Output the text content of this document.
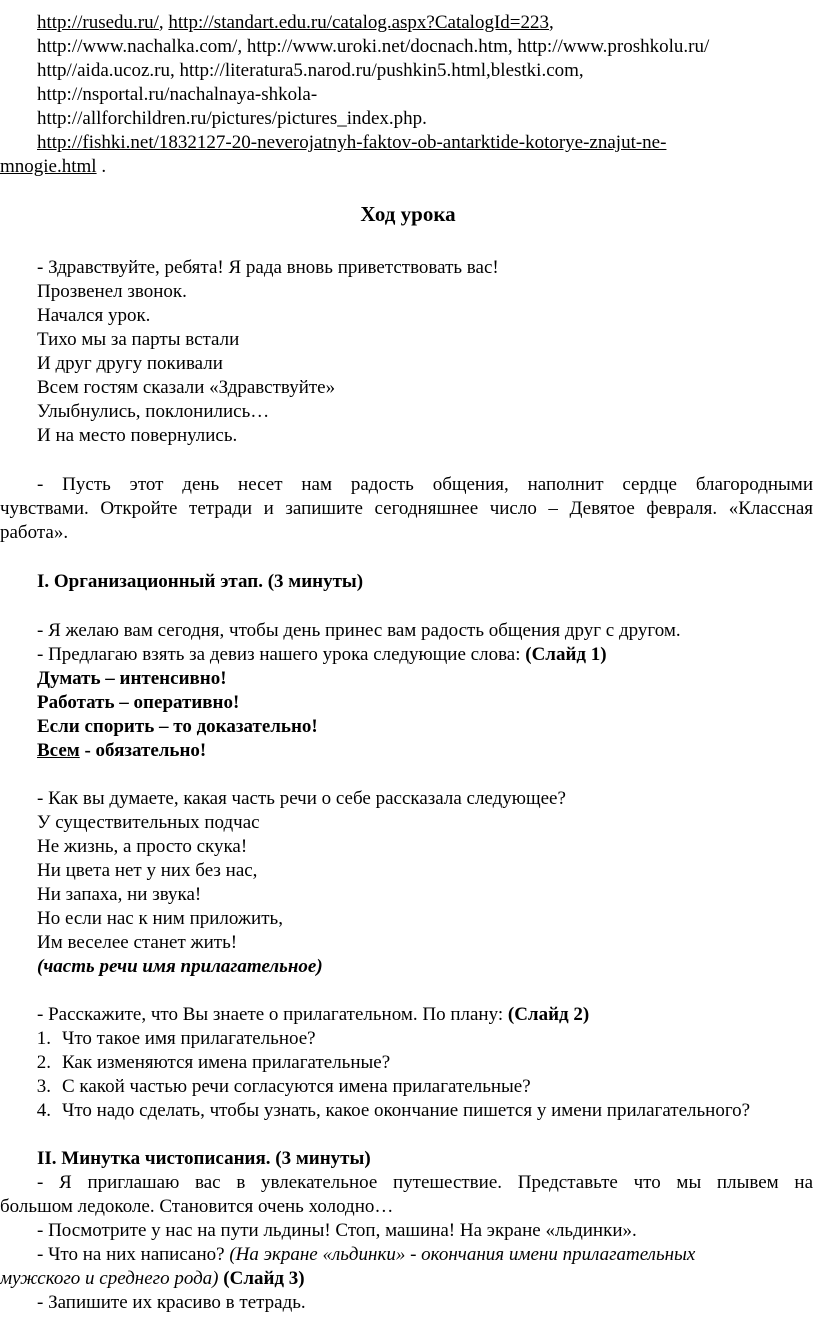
http://rusedu.ru/, http://standart.edu.ru/catalog.aspx?CatalogId=223,
http://www.nachalka.com/, http://www.uroki.net/docnach.htm, http://www.proshkolu.ru/
http//aida.ucoz.ru, http://literatura5.narod.ru/pushkin5.html,blestki.com,
http://nsportal.ru/nachalnaya-shkola-
http://allforchildren.ru/pictures/pictures_index.php.
http://fishki.net/1832127-20-neverojatnyh-faktov-ob-antarktide-kotorye-znajut-ne-
mnogie.html .
Ход урока
- Здравствуйте, ребята! Я рада вновь приветствовать вас!
Прозвенел звонок.
Начался урок.
Тихо мы за парты встали
И друг другу покивали
Всем гостям сказали «Здравствуйте»
Улыбнулись, поклонились…
И на место повернулись.
- Пусть этот день несет нам радость общения, наполнит сердце благородными
чувствами. Откройте тетради и запишите сегодняшнее число – Девятое февраля. «Классная
работа».
I. Организационный этап. (3 минуты)
- Я желаю вам сегодня, чтобы день принес вам радость общения друг с другом.
- Предлагаю взять за девиз нашего урока следующие слова: (Слайд 1)
Думать – интенсивно!
Работать – оперативно!
Если спорить – то доказательно!
Всем - обязательно!
- Как вы думаете, какая часть речи о себе рассказала следующее?
У существительных подчас
Не жизнь, а просто скука!
Ни цвета нет у них без нас,
Ни запаха, ни звука!
Но если нас к ним приложить,
Им веселее станет жить!
(часть речи имя прилагательное)
- Расскажите, что Вы знаете о прилагательном. По плану: (Слайд 2)
1. Что такое имя прилагательное?
2. Как изменяются имена прилагательные?
3. С какой частью речи согласуются имена прилагательные?
4. Что надо сделать, чтобы узнать, какое окончание пишется у имени прилагательного?
II. Минутка чистописания. (3 минуты)
- Я приглашаю вас в увлекательное путешествие. Представьте что мы плывем на
большом ледоколе. Становится очень холодно…
- Посмотрите у нас на пути льдины! Стоп, машина! На экране «льдинки».
- Что на них написано? (На экране «льдинки» - окончания имени прилагательных
мужского и среднего рода) (Слайд 3)
- Запишите их красиво в тетрадь.
